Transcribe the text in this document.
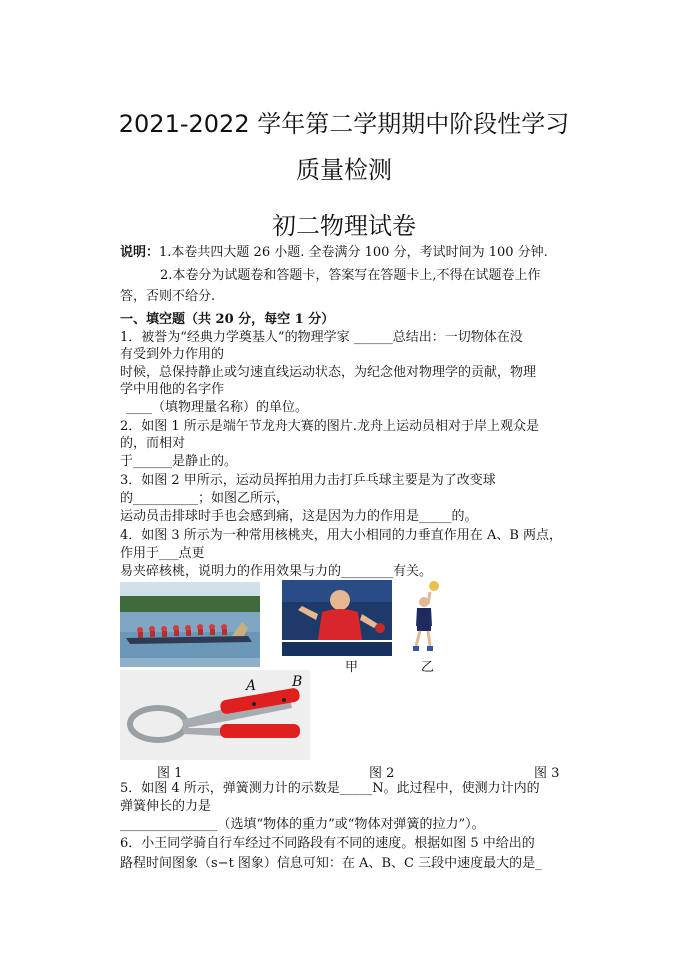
2021-2022 学年第二学期期中阶段性学习
质量检测
初二物理试卷
说明：1.本卷共四大题 26 小题. 全卷满分 100 分，考试时间为 100 分钟.
2.本卷分为试题卷和答题卡，答案写在答题卡上,不得在试题卷上作
答，否则不给分.
一、填空题（共 20 分，每空 1 分）
1．被誉为“经典力学奠基人”的物理学家 ______总结出：一切物体在没
有受到外力作用的
时候，总保持静止或匀速直线运动状态，为纪念他对物理学的贡献，物理
学中用他的名字作
____（填物理量名称）的单位。
2．如图 1 所示是端午节龙舟大赛的图片.龙舟上运动员相对于岸上观众是
的，而相对
于______是静止的。
3．如图 2 甲所示，运动员挥拍用力击打乒乓球主要是为了改变球
的__________；如图乙所示，
运动员击排球时手也会感到痛，这是因为力的作用是_____的。
4．如图 3 所示为一种常用核桃夹，用大小相同的力垂直作用在 A、B 两点，
作用于___点更
易夹碎核桃，说明力的作用效果与力的________有关。
甲	乙
A	B
图 1	图 2	图 3
5．如图 4 所示，弹簧测力计的示数是_____N。此过程中，使测力计内的
弹簧伸长的力是
_______________（选填“物体的重力”或“物体对弹簧的拉力”）。
6．小王同学骑自行车经过不同路段有不同的速度。根据如图 5 中给出的
路程时间图象（s−t 图象）信息可知：在 A、B、C 三段中速度最大的是_
